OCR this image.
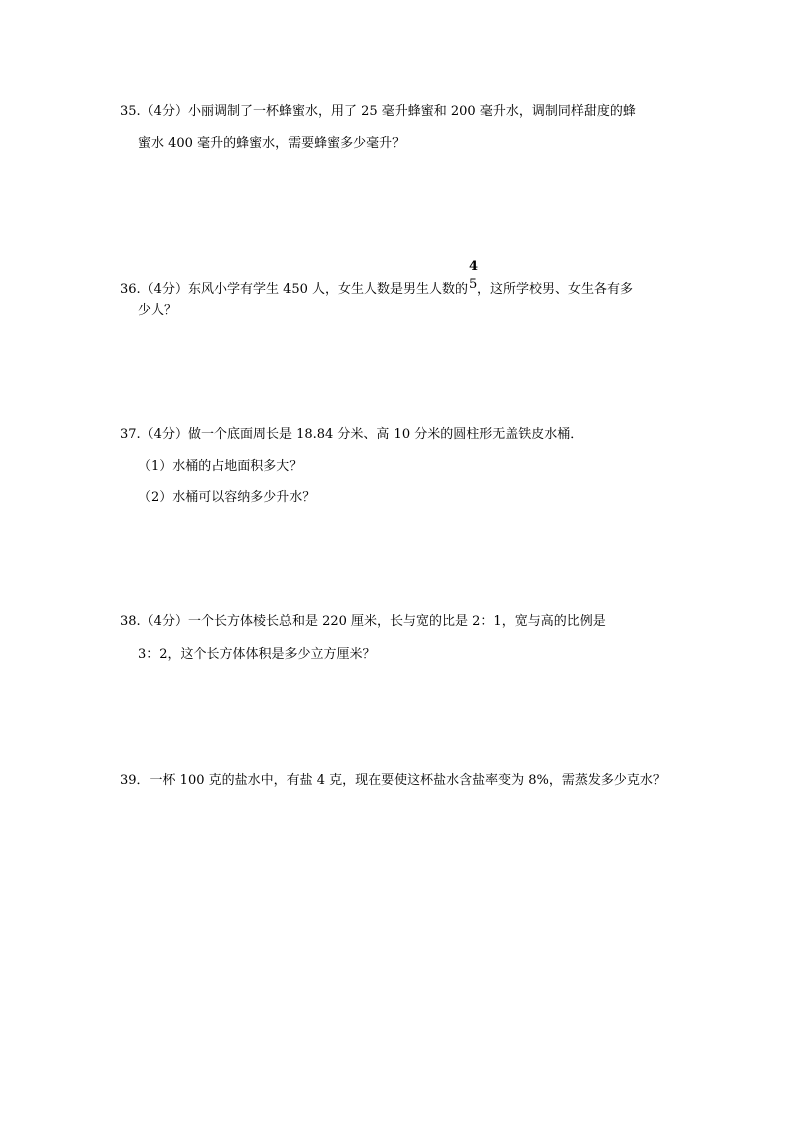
35.（4分）小丽调制了一杯蜂蜜水，用了 25 毫升蜂蜜和 200 毫升水，调制同样甜度的蜂
蜜水 400 毫升的蜂蜜水，需要蜂蜜多少毫升？
36.（4分）东风小学有学生 450 人，女生人数是男生人数的
4
5 ，这所学校男、女生各有多
少人？
37.（4分）做一个底面周长是 18.84 分米、高 10 分米的圆柱形无盖铁皮水桶．
（1）水桶的占地面积多大？
（2）水桶可以容纳多少升水？
38.（4分）一个长方体棱长总和是 220 厘米，长与宽的比是 2：1，宽与高的比例是
3：2，这个长方体体积是多少立方厘米？
39．一杯 100 克的盐水中，有盐 4 克，现在要使这杯盐水含盐率变为 8%，需蒸发多少克水？
